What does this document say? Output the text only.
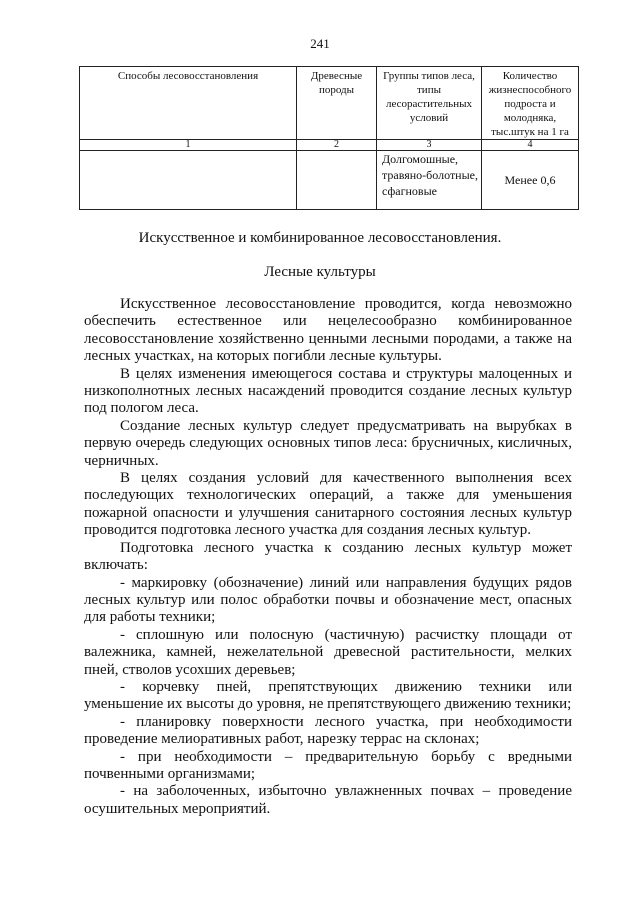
241
Способы лесовосстановления	Древесные породы	Группы типов леса, типы лесорастительных условий	Количество жизнеспособного подроста и молодняка, тыс.штук на 1 га
1	2	3	4
		Долгомошные, травяно-болотные, сфагновые	Менее 0,6
Искусственное и комбинированное лесовосстановления.
Лесные культуры

Искусственное лесовосстановление проводится, когда невозможно обеспечить естественное или нецелесообразно комбинированное лесовосстановление хозяйственно ценными лесными породами, а также на лесных участках, на которых погибли лесные культуры.

В целях изменения имеющегося состава и структуры малоценных и низкополнотных лесных насаждений проводится создание лесных культур под пологом леса.

Создание лесных культур следует предусматривать на вырубках в первую очередь следующих основных типов леса: брусничных, кисличных, черничных.

В целях создания условий для качественного выполнения всех последующих технологических операций, а также для уменьшения пожарной опасности и улучшения санитарного состояния лесных культур проводится подготовка лесного участка для создания лесных культур.

Подготовка лесного участка к созданию лесных культур может включать:

- маркировку (обозначение) линий или направления будущих рядов лесных культур или полос обработки почвы и обозначение мест, опасных для работы техники;

- сплошную или полосную (частичную) расчистку площади от валежника, камней, нежелательной древесной растительности, мелких пней, стволов усохших деревьев;

- корчевку пней, препятствующих движению техники или уменьшение их высоты до уровня, не препятствующего движению техники;

- планировку поверхности лесного участка, при необходимости проведение мелиоративных работ, нарезку террас на склонах;

- при необходимости – предварительную борьбу с вредными почвенными организмами;

- на заболоченных, избыточно увлажненных почвах – проведение осушительных мероприятий.
